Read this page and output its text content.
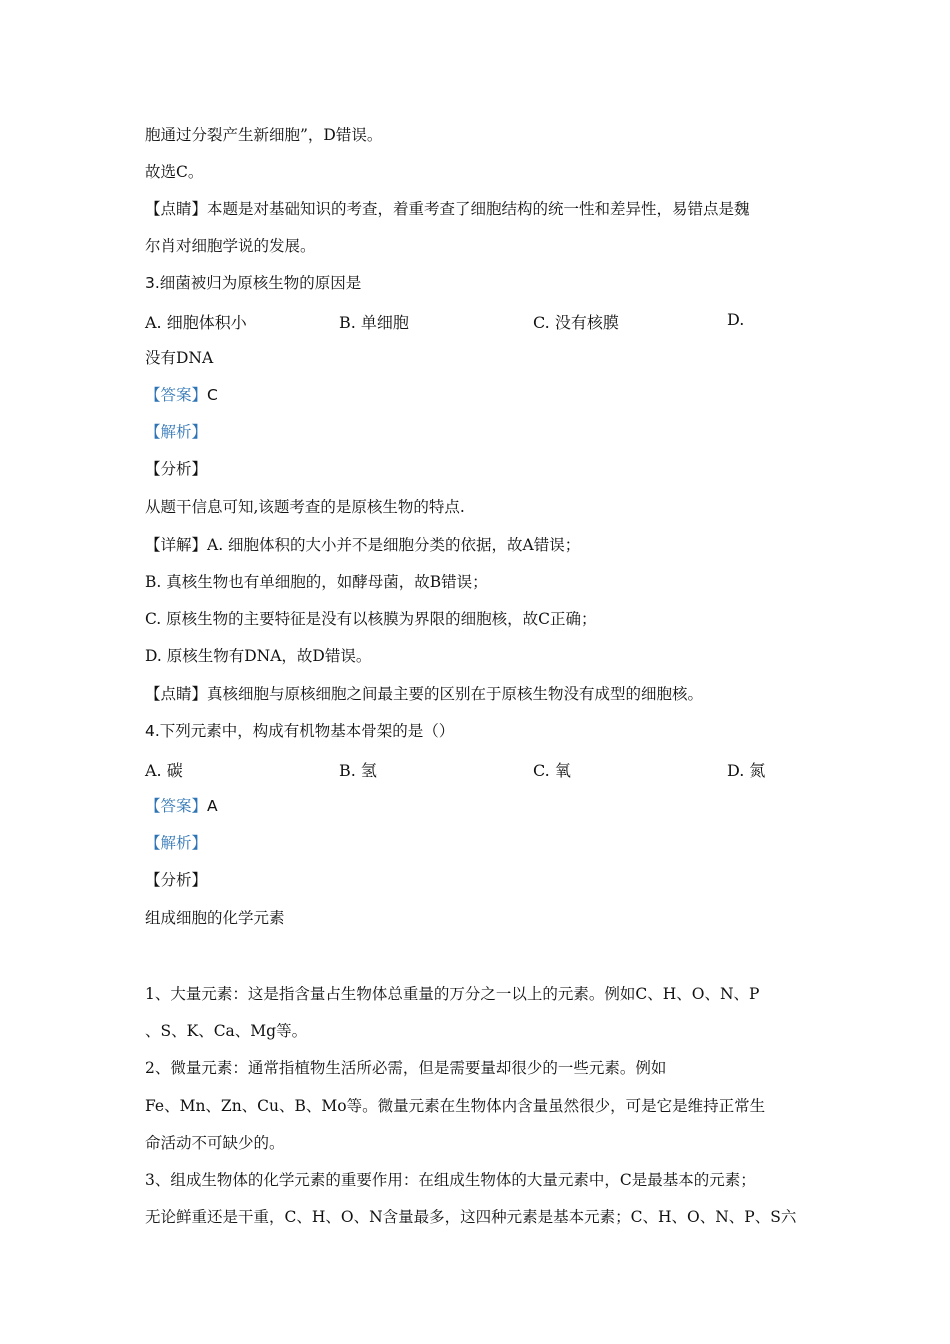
胞通过分裂产生新细胞”，D错误。
故选C。
【点睛】本题是对基础知识的考查，着重考查了细胞结构的统一性和差异性，易错点是魏
尔肖对细胞学说的发展。
3.细菌被归为原核生物的原因是
A. 细胞体积小	B. 单细胞	C. 没有核膜	D.
没有DNA
【答案】C
【解析】
【分析】
从题干信息可知,该题考查的是原核生物的特点.
【详解】A. 细胞体积的大小并不是细胞分类的依据，故A错误；
B. 真核生物也有单细胞的，如酵母菌，故B错误；
C. 原核生物的主要特征是没有以核膜为界限的细胞核，故C正确；
D. 原核生物有DNA，故D错误。
【点睛】真核细胞与原核细胞之间最主要的区别在于原核生物没有成型的细胞核。
4.下列元素中，构成有机物基本骨架的是（）
A. 碳	B. 氢	C. 氧	D. 氮
【答案】A
【解析】
【分析】
组成细胞的化学元素
1、大量元素：这是指含量占生物体总重量的万分之一以上的元素。例如C、H、O、N、P
、S、K、Ca、Mg等。
2、微量元素：通常指植物生活所必需，但是需要量却很少的一些元素。例如
Fe、Mn、Zn、Cu、B、Mo等。微量元素在生物体内含量虽然很少，可是它是维持正常生
命活动不可缺少的。
3、组成生物体的化学元素的重要作用：在组成生物体的大量元素中，C是最基本的元素；
无论鲜重还是干重，C、H、O、N含量最多，这四种元素是基本元素；C、H、O、N、P、S六
